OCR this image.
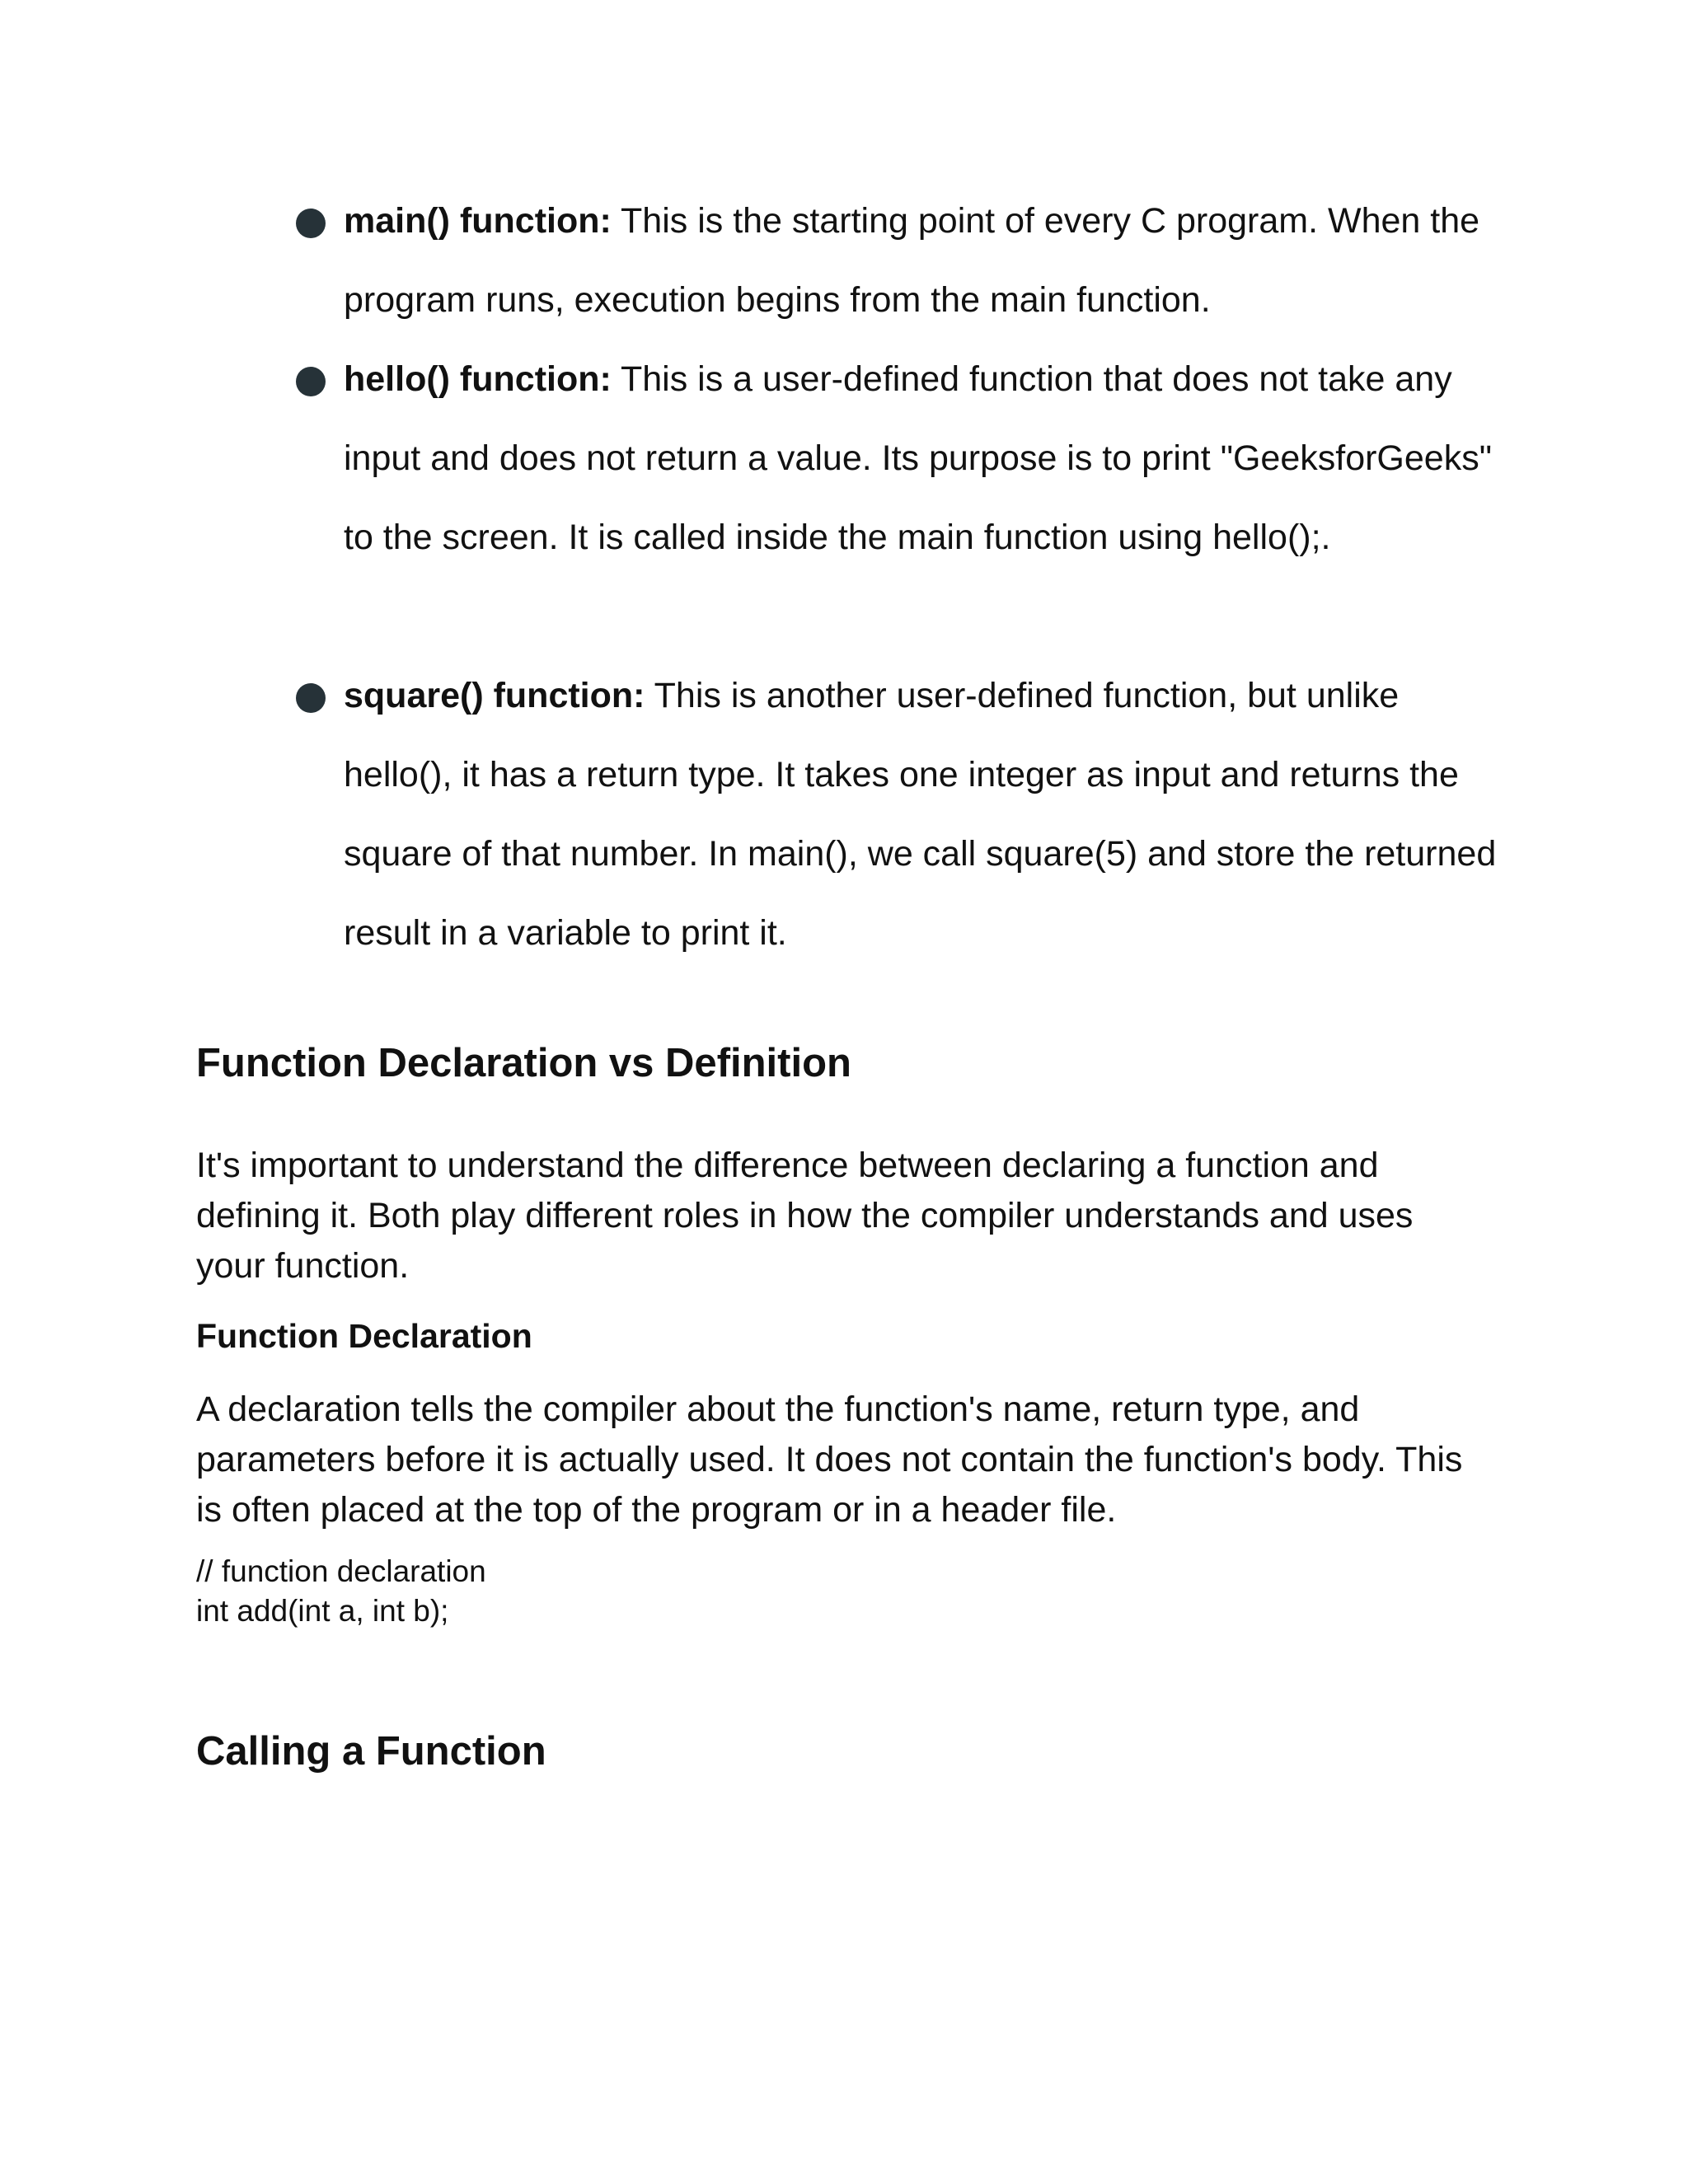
main() function: This is the starting point of every C program. When the program runs, execution begins from the main function.
hello() function: This is a user-defined function that does not take any input and does not return a value. Its purpose is to print "GeeksforGeeks" to the screen. It is called inside the main function using hello();.
square() function: This is another user-defined function, but unlike hello(), it has a return type. It takes one integer as input and returns the square of that number. In main(), we call square(5) and store the returned result in a variable to print it.
Function Declaration vs Definition

It's important to understand the difference between declaring a function and defining it. Both play different roles in how the compiler understands and uses your function.

Function Declaration

A declaration tells the compiler about the function's name, return type, and parameters before it is actually used. It does not contain the function's body. This is often placed at the top of the program or in a header file.

// function declaration
int add(int a, int b);
Calling a Function
